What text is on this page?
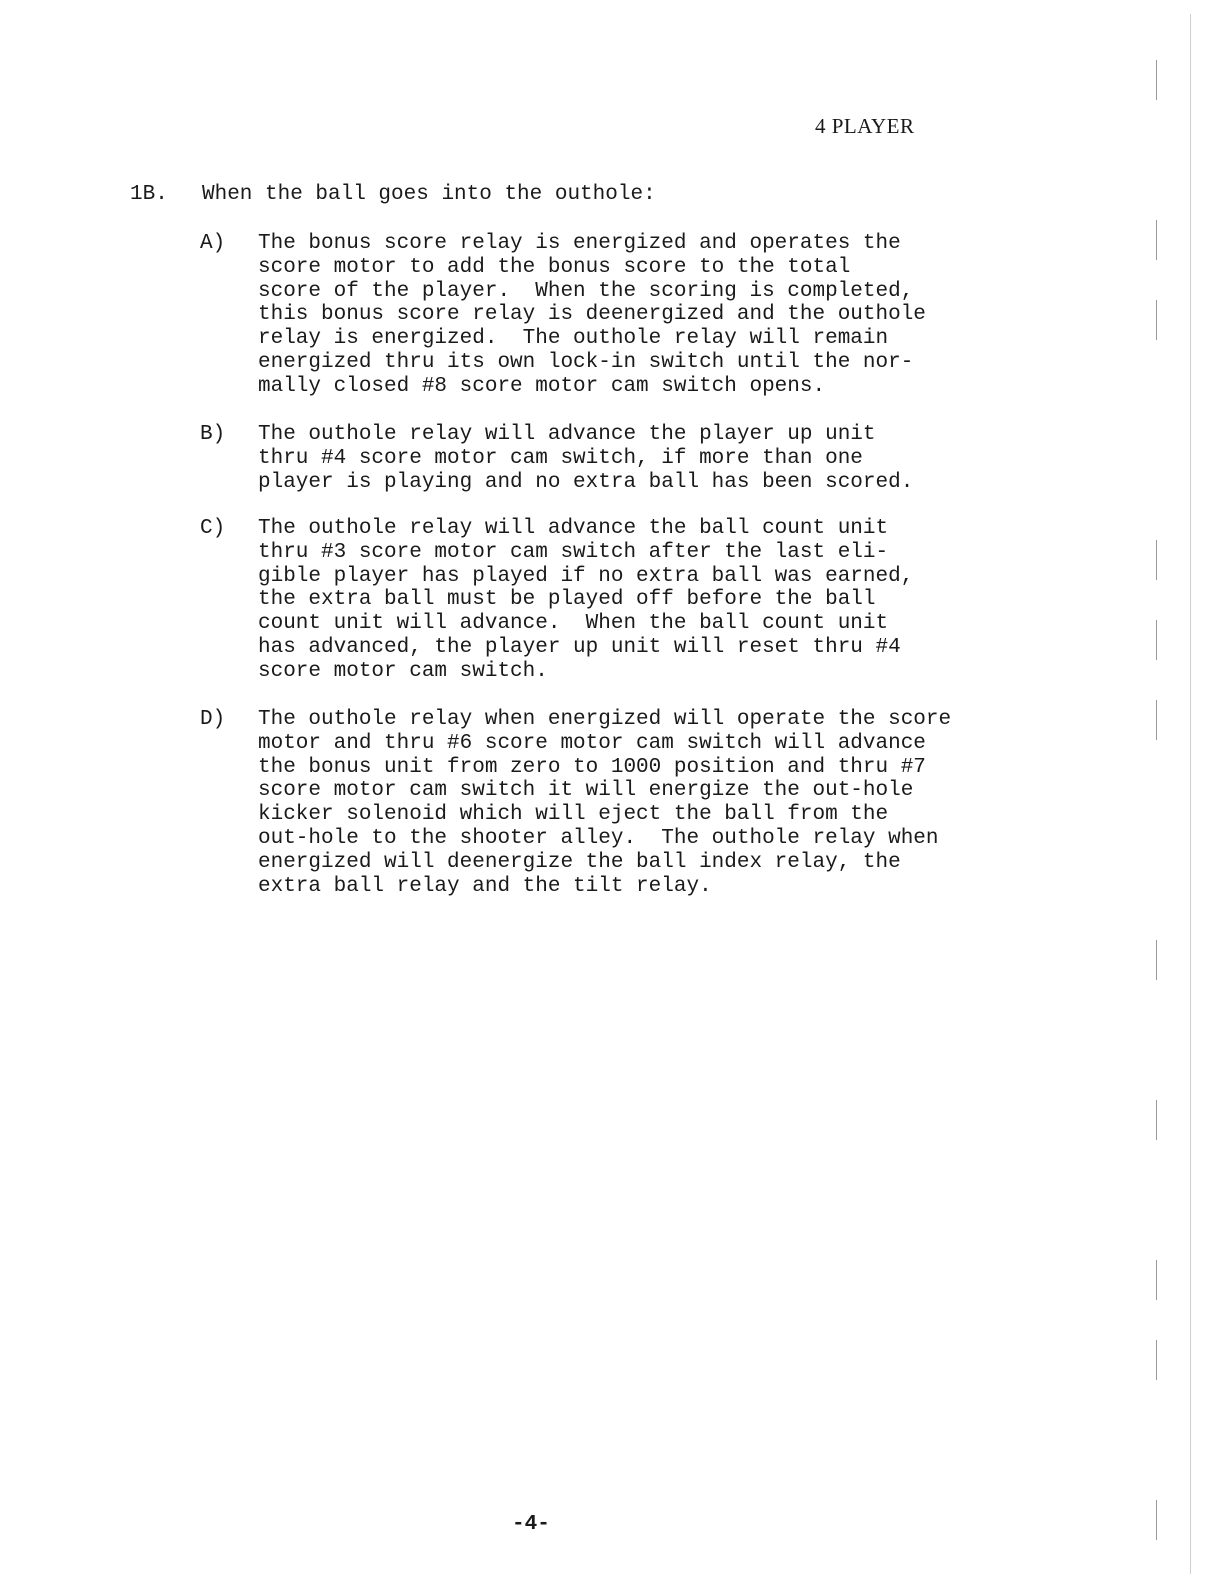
4 PLAYER
1B. When the ball goes into the outhole:
A) The bonus score relay is energized and operates the
score motor to add the bonus score to the total
score of the player.  When the scoring is completed,
this bonus score relay is deenergized and the outhole
relay is energized.  The outhole relay will remain
energized thru its own lock-in switch until the nor-
mally closed #8 score motor cam switch opens.
B) The outhole relay will advance the player up unit
thru #4 score motor cam switch, if more than one
player is playing and no extra ball has been scored.
C) The outhole relay will advance the ball count unit
thru #3 score motor cam switch after the last eli-
gible player has played if no extra ball was earned,
the extra ball must be played off before the ball
count unit will advance.  When the ball count unit
has advanced, the player up unit will reset thru #4
score motor cam switch.
D) The outhole relay when energized will operate the score
motor and thru #6 score motor cam switch will advance
the bonus unit from zero to 1000 position and thru #7
score motor cam switch it will energize the out-hole
kicker solenoid which will eject the ball from the
out-hole to the shooter alley.  The outhole relay when
energized will deenergize the ball index relay, the
extra ball relay and the tilt relay.
-4-
